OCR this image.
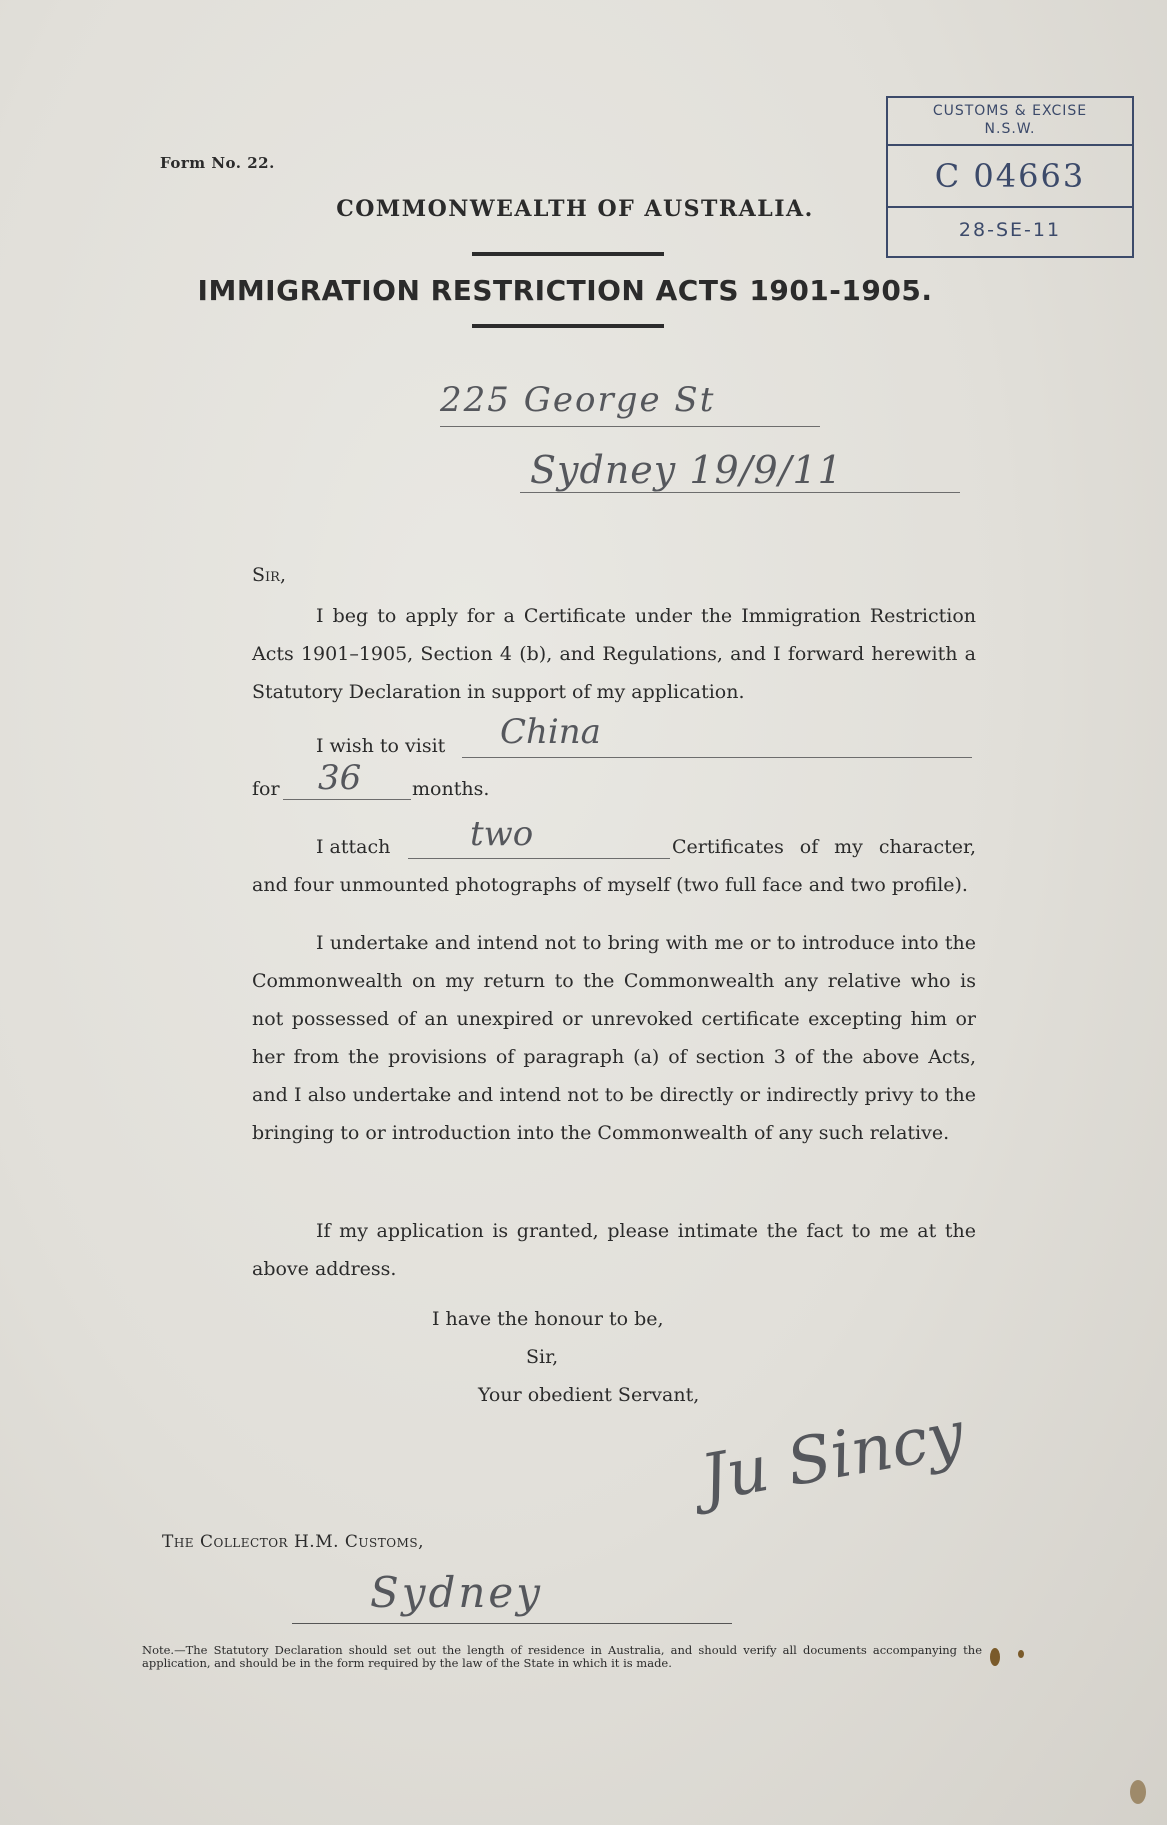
Form No. 22.
COMMONWEALTH OF AUSTRALIA.
IMMIGRATION RESTRICTION ACTS 1901-1905.
CUSTOMS & EXCISE
N.S.W.
C 04663
28-SE-11
225 George St
Sydney 19/9/11
Sir,
I beg to apply for a Certificate under the Immigration Restriction Acts 1901–1905, Section 4 (b), and Regulations, and I forward herewith a Statutory Declaration in support of my application.
I wish to visit China
for 36	months.
I attach two	Certificates of my character,
and four unmounted photographs of myself (two full face and two profile).
I undertake and intend not to bring with me or to introduce into the Commonwealth on my return to the Commonwealth any relative who is not possessed of an unexpired or unrevoked certificate excepting him or her from the provisions of paragraph (a) of section 3 of the above Acts, and I also undertake and intend not to be directly or indirectly privy to the bringing to or introduction into the Commonwealth of any such relative.
If my application is granted, please intimate the fact to me at the above address.
I have the honour to be,
Sir,
Your obedient Servant,
Ju Sincy
The Collector H.M. Customs,
Sydney
Note.—The Statutory Declaration should set out the length of residence in Australia, and should verify all documents accompanying the application, and should be in the form required by the law of the State in which it is made.
